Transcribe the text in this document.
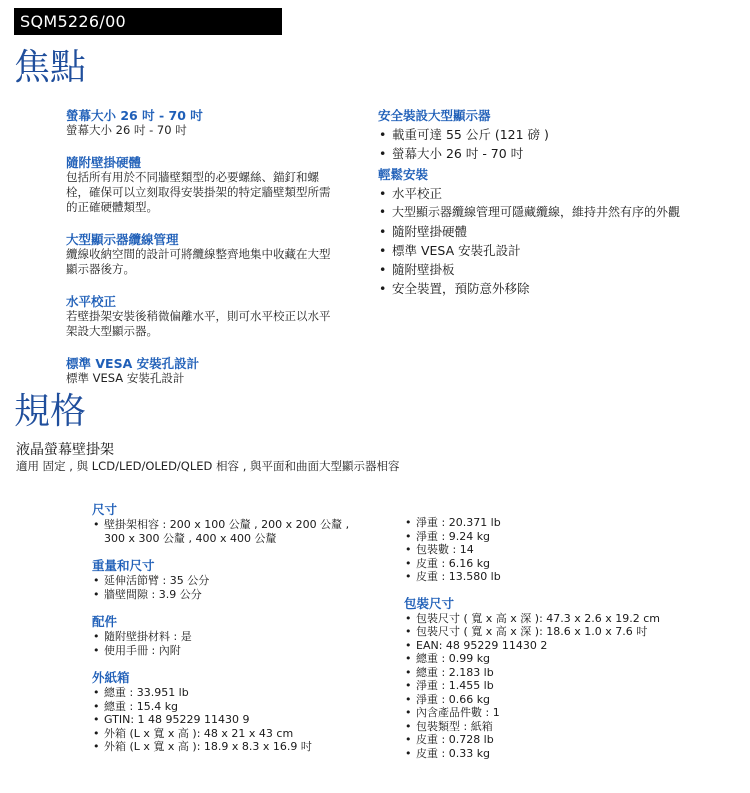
SQM5226/00
焦點

螢幕大小 26 吋 - 70 吋

螢幕大小 26 吋 - 70 吋

隨附壁掛硬體

包括所有用於不同牆壁類型的必要螺絲、錨釘和螺栓，確保可以立刻取得安裝掛架的特定牆壁類型所需的正確硬體類型。

大型顯示器纜線管理

纜線收納空間的設計可將纜線整齊地集中收藏在大型顯示器後方。

水平校正

若壁掛架安裝後稍微偏離水平，則可水平校正以水平架設大型顯示器。

標準 VESA 安裝孔設計

標準 VESA 安裝孔設計

安全裝設大型顯示器

• 載重可達 55 公斤 (121 磅 )
• 螢幕大小 26 吋 - 70 吋

輕鬆安裝

• 水平校正
• 大型顯示器纜線管理可隱藏纜線，維持井然有序的外觀
• 隨附壁掛硬體
• 標準 VESA 安裝孔設計
• 隨附壁掛板
• 安全裝置，預防意外移除
規格

液晶螢幕壁掛架

適用 固定 , 與 LCD/LED/OLED/QLED 相容 , 與平面和曲面大型顯示器相容

尺寸

• 壁掛架相容 : 200 x 100 公釐 , 200 x 200 公釐 , 300 x 300 公釐 , 400 x 400 公釐

重量和尺寸

• 延伸活節臂 : 35 公分
• 牆壁間隙 : 3.9 公分

配件

• 隨附壁掛材料 : 是
• 使用手冊 : 內附

外紙箱

• 總重 : 33.951 lb
• 總重 : 15.4 kg
• GTIN: 1 48 95229 11430 9
• 外箱 (L x 寬 x 高 ): 48 x 21 x 43 cm
• 外箱 (L x 寬 x 高 ): 18.9 x 8.3 x 16.9 吋
• 淨重 : 20.371 lb
• 淨重 : 9.24 kg
• 包裝數 : 14
• 皮重 : 6.16 kg
• 皮重 : 13.580 lb

包裝尺寸

• 包裝尺寸 ( 寬 x 高 x 深 ): 47.3 x 2.6 x 19.2 cm
• 包裝尺寸 ( 寬 x 高 x 深 ): 18.6 x 1.0 x 7.6 吋
• EAN: 48 95229 11430 2
• 總重 : 0.99 kg
• 總重 : 2.183 lb
• 淨重 : 1.455 lb
• 淨重 : 0.66 kg
• 內含產品件數 : 1
• 包裝類型 : 紙箱
• 皮重 : 0.728 lb
• 皮重 : 0.33 kg
